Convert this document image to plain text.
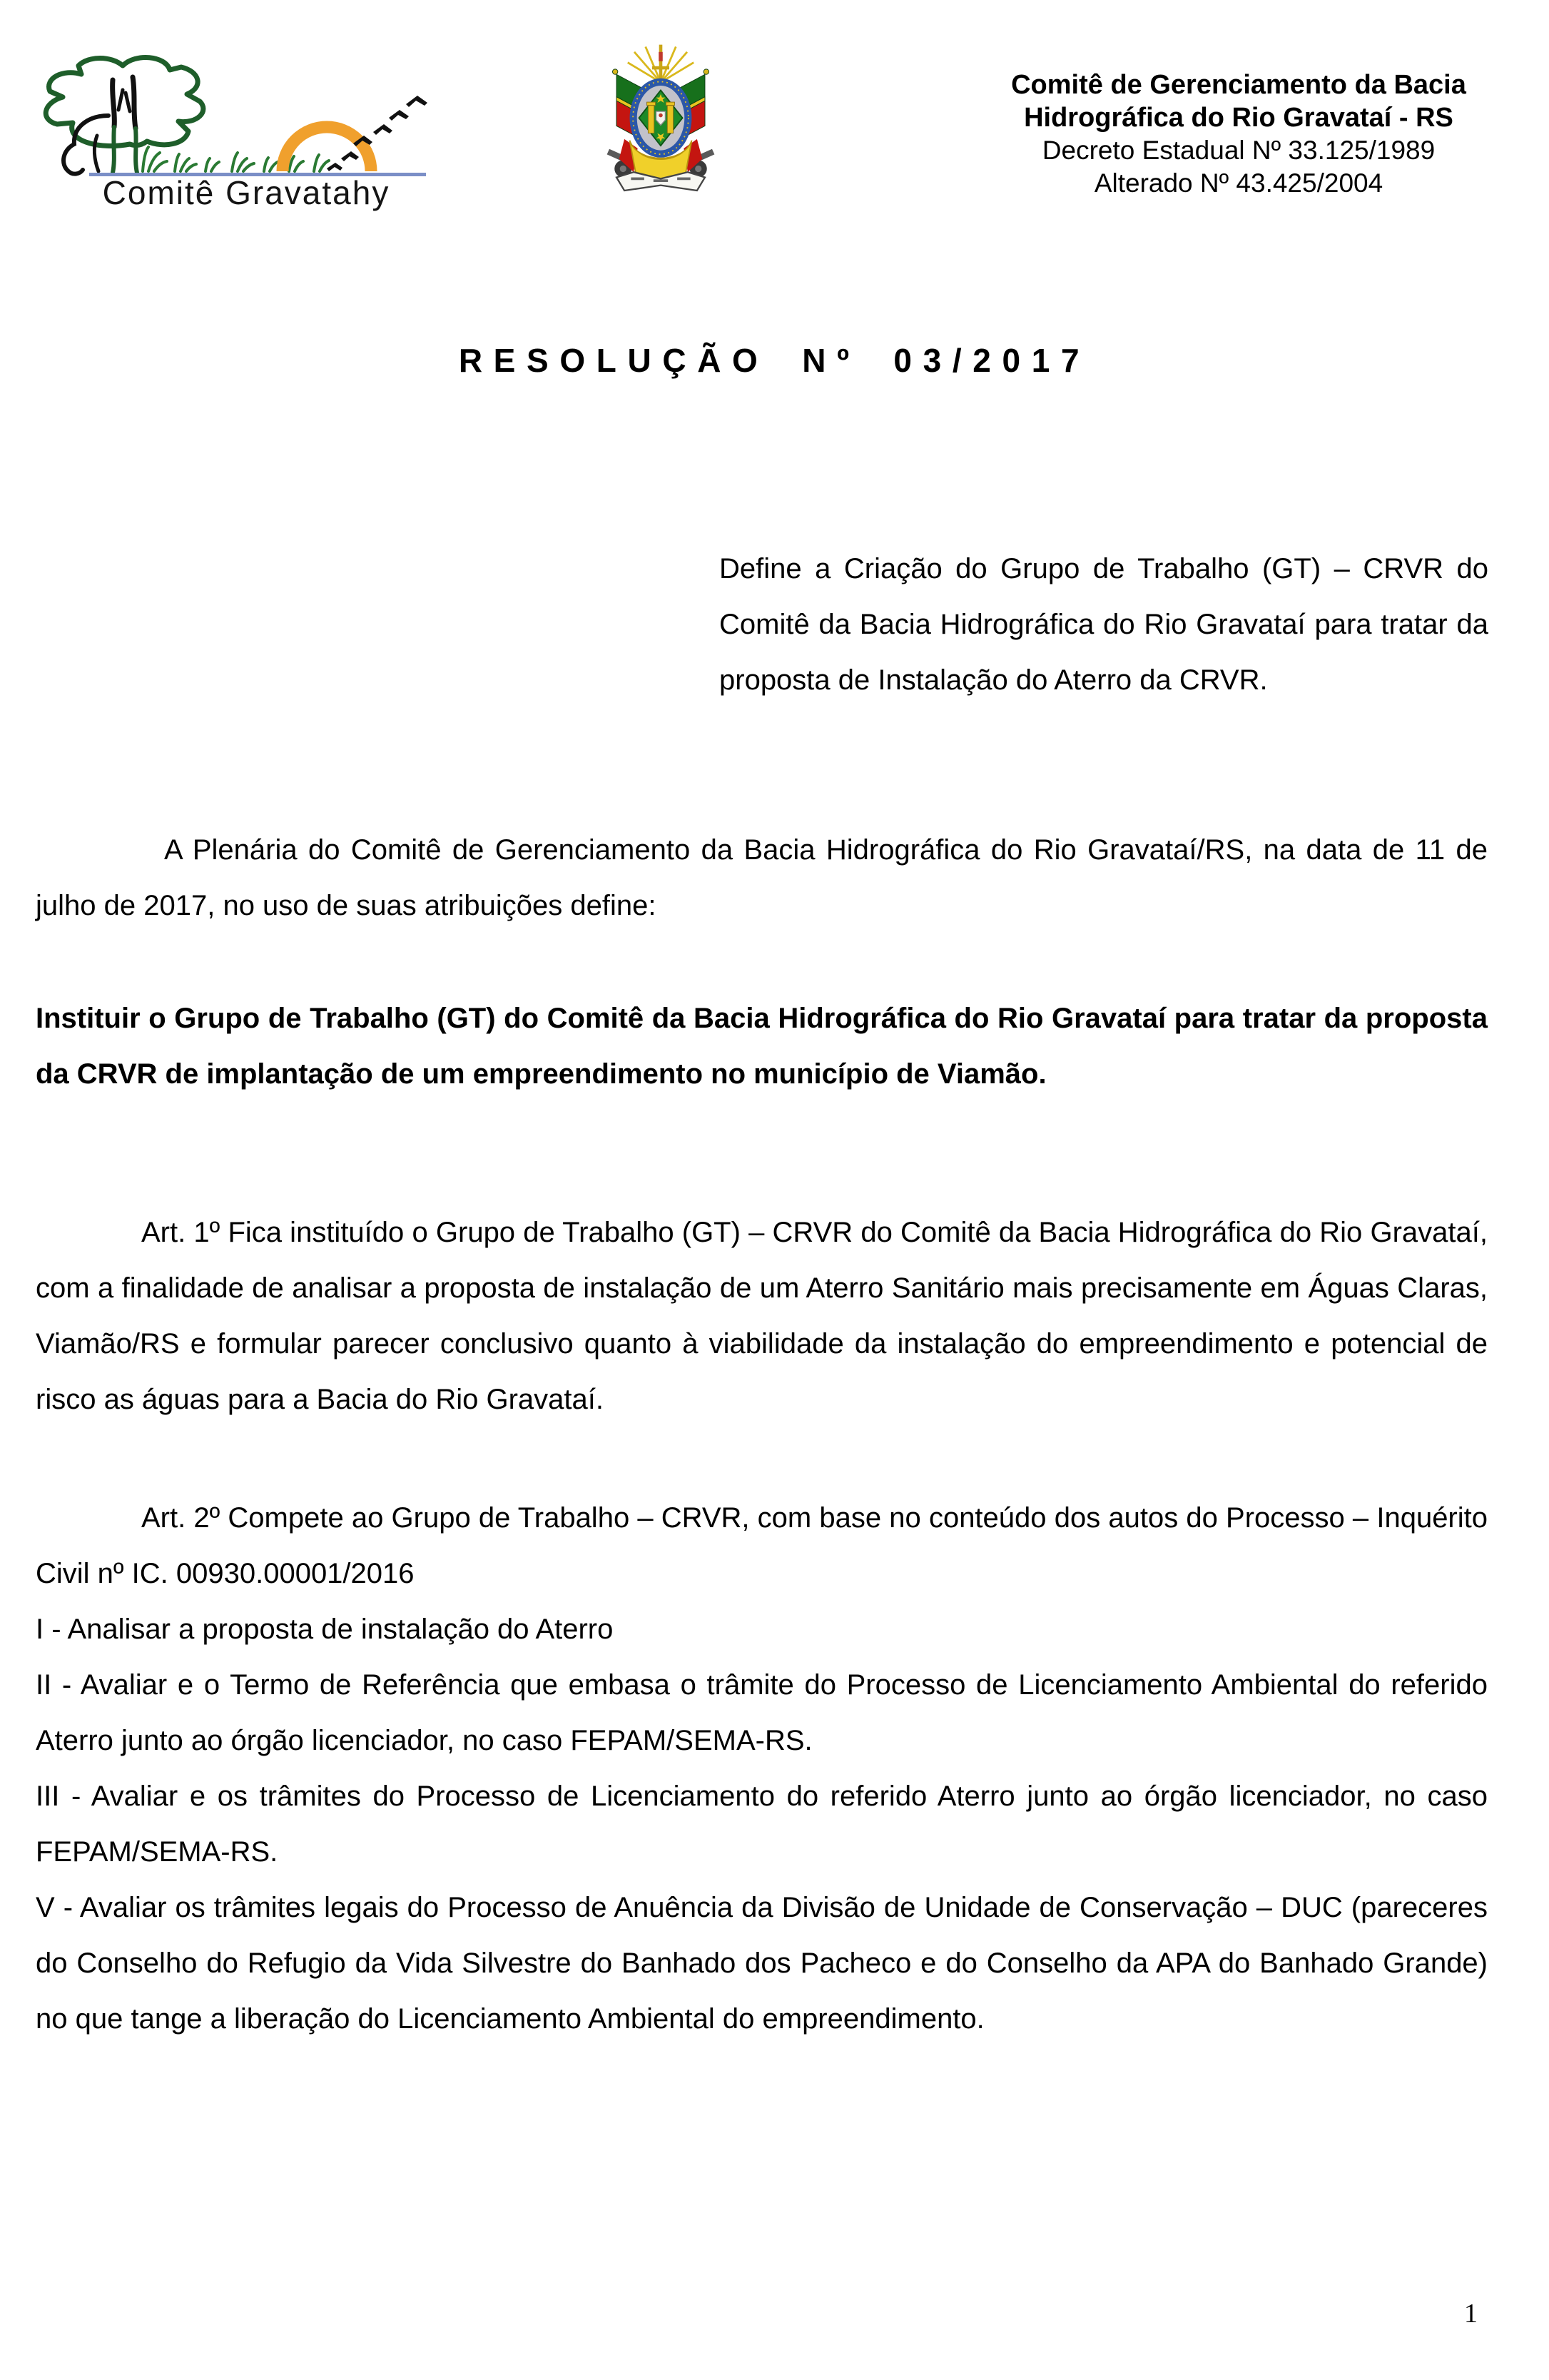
Comitê Gravatahy
Comitê de Gerenciamento da Bacia
Hidrográfica do Rio Gravataí - RS
Decreto Estadual Nº 33.125/1989
Alterado Nº 43.425/2004
RESOLUÇÃO Nº 03/2017

Define a Criação do Grupo de Trabalho (GT) – CRVR do Comitê da Bacia Hidrográfica do Rio Gravataí para tratar da proposta de Instalação do Aterro da CRVR.

A Plenária do Comitê de Gerenciamento da Bacia Hidrográfica do Rio Gravataí/RS, na data de 11 de julho de 2017, no uso de suas atribuições define:

Instituir o Grupo de Trabalho (GT) do Comitê da Bacia Hidrográfica do Rio Gravataí para tratar da proposta da CRVR de implantação de um empreendimento no município de Viamão.

Art. 1º Fica instituído o Grupo de Trabalho (GT) – CRVR do Comitê da Bacia Hidrográfica do Rio Gravataí, com a finalidade de analisar a proposta de instalação de um Aterro Sanitário mais precisamente em Águas Claras, Viamão/RS e formular parecer conclusivo quanto à viabilidade da instalação do empreendimento e potencial de risco as águas para a Bacia do Rio Gravataí.

Art. 2º Compete ao Grupo de Trabalho – CRVR, com base no conteúdo dos autos do Processo – Inquérito Civil nº IC. 00930.00001/2016

I - Analisar a proposta de instalação do Aterro

II - Avaliar e o Termo de Referência que embasa o trâmite do Processo de Licenciamento Ambiental do referido Aterro junto ao órgão licenciador, no caso FEPAM/SEMA-RS.

III - Avaliar e os trâmites do Processo de Licenciamento do referido Aterro junto ao órgão licenciador, no caso FEPAM/SEMA-RS.

V - Avaliar os trâmites legais do Processo de Anuência da Divisão de Unidade de Conservação – DUC (pareceres do Conselho do Refugio da Vida Silvestre do Banhado dos Pacheco e do Conselho da APA do Banhado Grande) no que tange a liberação do Licenciamento Ambiental do empreendimento.

1
